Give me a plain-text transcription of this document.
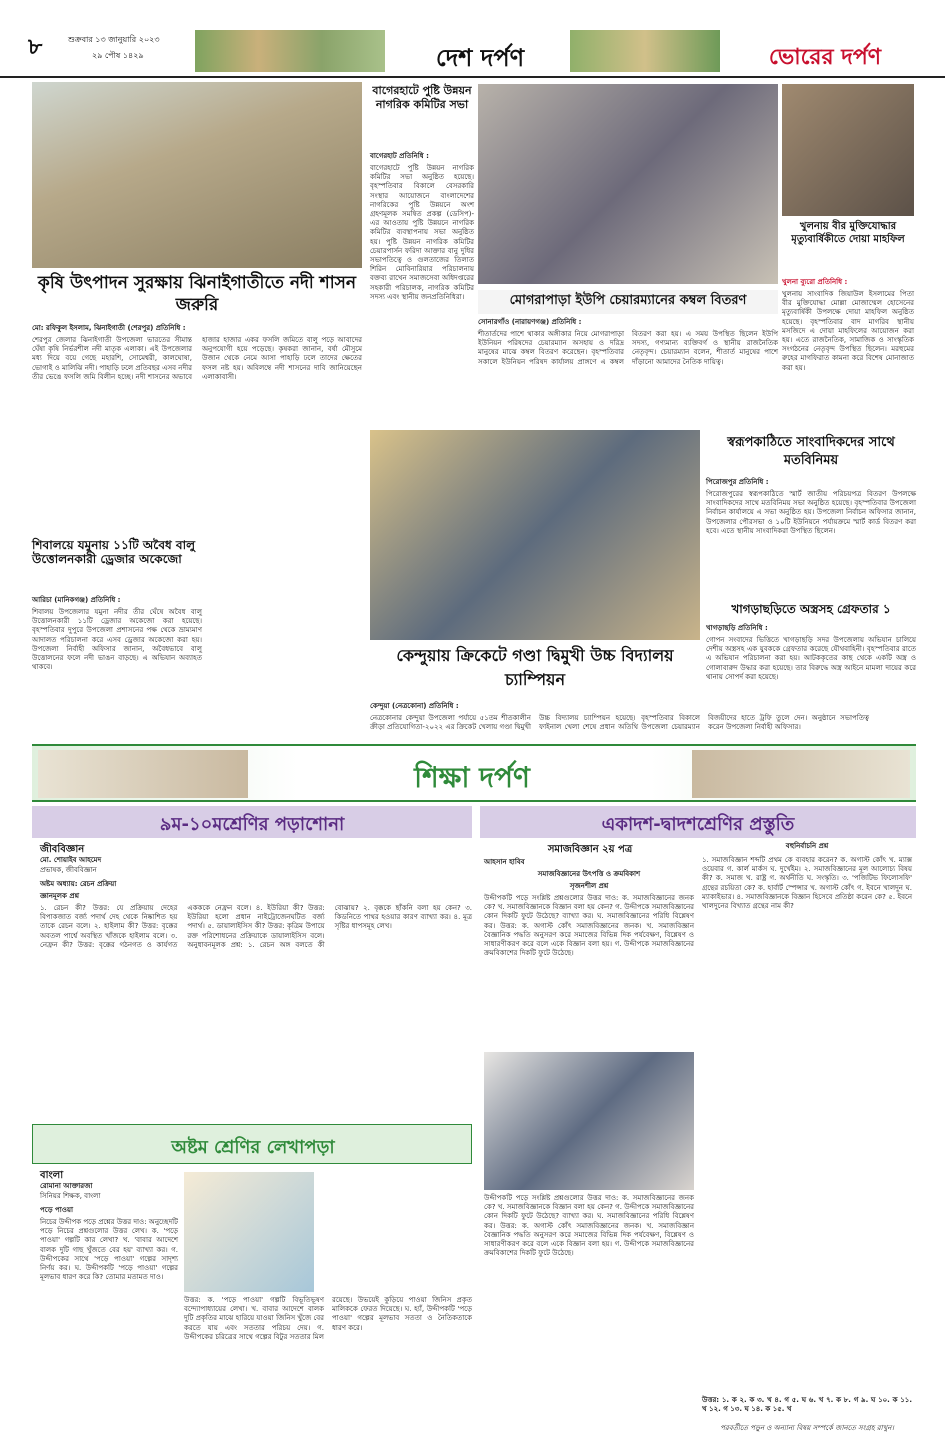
৮	শুক্রবার ১৩ জানুয়ারি ২০২৩
২৯ পৌষ ১৪২৯	দেশ দর্পণ	ভোরের দর্পণ
কৃষি উৎপাদন সুরক্ষায় ঝিনাইগাতীতে নদী শাসন জরুরি
মো: রফিকুল ইসলাম, ঝিনাইগাতী (শেরপুর) প্রতিনিধি :
শেরপুর জেলার ঝিনাইগাতী উপজেলা ভারতের সীমান্ত ঘেঁষা কৃষি নির্ভরশীল নদী মাতৃক এলাকা। এই উপজেলার মধ্য দিয়ে বয়ে গেছে মহারশি, সোমেশ্বরী, কালঘোষা, ভোগাই ও মালিঝি নদী। পাহাড়ি ঢলে প্রতিবছর এসব নদীর তীর ভেঙে ফসলি জমি বিলীন হচ্ছে। নদী শাসনের অভাবে হাজার হাজার একর ফসলি জমিতে বালু পড়ে আবাদের অনুপযোগী হয়ে পড়েছে। কৃষকরা জানান, বর্ষা মৌসুমে উজান থেকে নেমে আসা পাহাড়ি ঢলে তাদের ক্ষেতের ফসল নষ্ট হয়। অবিলম্বে নদী শাসনের দাবি জানিয়েছেন এলাকাবাসী।
শিবালয়ে যমুনায় ১১টি অবৈধ বালু উত্তোলনকারী ড্রেজার অকেজো
আরিচা (মানিকগঞ্জ) প্রতিনিধি :
শিবালয় উপজেলার যমুনা নদীর তীর ঘেঁষে অবৈধ বালু উত্তোলনকারী ১১টি ড্রেজার অকেজো করা হয়েছে। বৃহস্পতিবার দুপুরে উপজেলা প্রশাসনের পক্ষ থেকে ভ্রাম্যমাণ আদালত পরিচালনা করে এসব ড্রেজার অকেজো করা হয়। উপজেলা নির্বাহী অফিসার জানান, অবৈধভাবে বালু উত্তোলনের ফলে নদী ভাঙন বাড়ছে। এ অভিযান অব্যাহত থাকবে।
বাগেরহাটে পুষ্টি উন্নয়ন নাগরিক কমিটির সভা
বাগেরহাট প্রতিনিধি :
বাগেরহাটে পুষ্টি উন্নয়ন নাগরিক কমিটির সভা অনুষ্ঠিত হয়েছে। বৃহস্পতিবার বিকালে বেসরকারি সংস্থার আয়োজনে বাংলাদেশের নাগরিকের পুষ্টি উন্নয়নে অংশ গ্রহণমূলক সমন্বিত প্রকল্প (ডেসিপ)-এর আওতায় পুষ্টি উন্নয়নে নাগরিক কমিটির ব্যবস্থাপনায় সভা অনুষ্ঠিত হয়। পুষ্টি উন্নয়ন নাগরিক কমিটির চেয়ারপার্সন ফরিদা আক্তার বানু দুধির সভাপতিত্বে ও গুলতাজের তিলাত শিরিন মোবিনারিয়ার পরিচালনায় বক্তব্য রাখেন সমাজসেবা অধিদপ্তরের সহকারী পরিচালক, নাগরিক কমিটির সদস্য এবং স্থানীয় জনপ্রতিনিধিরা।	মোগরাপাড়া ইউপি চেয়ারম্যানের কম্বল বিতরণ
সোনারগাঁও (নারায়ণগঞ্জ) প্রতিনিধি :
শীতার্তদের পাশে থাকার অঙ্গীকার নিয়ে মোগরাপাড়া ইউনিয়ন পরিষদের চেয়ারম্যান অসহায় ও দরিদ্র মানুষের মাঝে কম্বল বিতরণ করেছেন। বৃহস্পতিবার সকালে ইউনিয়ন পরিষদ কার্যালয় প্রাঙ্গণে এ কম্বল বিতরণ করা হয়। এ সময় উপস্থিত ছিলেন ইউপি সদস্য, গণ্যমান্য ব্যক্তিবর্গ ও স্থানীয় রাজনৈতিক নেতৃবৃন্দ। চেয়ারম্যান বলেন, শীতার্ত মানুষের পাশে দাঁড়ানো আমাদের নৈতিক দায়িত্ব।
খুলনায় বীর মুক্তিযোদ্ধার মৃত্যুবার্ষিকীতে দোয়া মাহফিল
খুলনা ব্যুরো প্রতিনিধি :
খুলনায় সাংবাদিক জিয়াউল ইসলামের পিতা বীর মুক্তিযোদ্ধা মোল্লা মোজাম্মেল হোসেনের মৃত্যুবার্ষিকী উপলক্ষে দোয়া মাহফিল অনুষ্ঠিত হয়েছে। বৃহস্পতিবার বাদ মাগরিব স্থানীয় মসজিদে এ দোয়া মাহফিলের আয়োজন করা হয়। এতে রাজনৈতিক, সামাজিক ও সাংস্কৃতিক সংগঠনের নেতৃবৃন্দ উপস্থিত ছিলেন। মরহুমের রুহের মাগফিরাত কামনা করে বিশেষ মোনাজাত করা হয়।
কেন্দুয়ায় ক্রিকেটে গণ্ডা দ্বিমুখী উচ্চ বিদ্যালয় চ্যাম্পিয়ন
কেন্দুয়া (নেত্রকোনা) প্রতিনিধি :
নেত্রকোনার কেন্দুয়া উপজেলা পর্যায়ে ৫১তম শীতকালীন ক্রীড়া প্রতিযোগিতা-২০২২ এর ক্রিকেট খেলায় গণ্ডা দ্বিমুখী উচ্চ বিদ্যালয় চ্যাম্পিয়ন হয়েছে। বৃহস্পতিবার বিকালে ফাইনাল খেলা শেষে প্রধান অতিথি উপজেলা চেয়ারম্যান বিজয়ীদের হাতে ট্রফি তুলে দেন। অনুষ্ঠানে সভাপতিত্ব করেন উপজেলা নির্বাহী অফিসার।
স্বরূপকাঠিতে সাংবাদিকদের সাথে মতবিনিময়
পিরোজপুর প্রতিনিধি :
পিরোজপুরের স্বরূপকাঠিতে স্মার্ট জাতীয় পরিচয়পত্র বিতরণ উপলক্ষে সাংবাদিকদের সাথে মতবিনিময় সভা অনুষ্ঠিত হয়েছে। বৃহস্পতিবার উপজেলা নির্বাচন কার্যালয়ে এ সভা অনুষ্ঠিত হয়। উপজেলা নির্বাচন অফিসার জানান, উপজেলার পৌরসভা ও ১০টি ইউনিয়নে পর্যায়ক্রমে স্মার্ট কার্ড বিতরণ করা হবে। এতে স্থানীয় সাংবাদিকরা উপস্থিত ছিলেন।
খাগড়াছড়িতে অস্ত্রসহ গ্রেফতার ১
খাগড়াছড়ি প্রতিনিধি :
গোপন সংবাদের ভিত্তিতে খাগড়াছড়ি সদর উপজেলায় অভিযান চালিয়ে দেশীয় অস্ত্রসহ এক যুবককে গ্রেফতার করেছে যৌথবাহিনী। বৃহস্পতিবার রাতে এ অভিযান পরিচালনা করা হয়। আটককৃতের কাছ থেকে একটি অস্ত্র ও গোলাবারুদ উদ্ধার করা হয়েছে। তার বিরুদ্ধে অস্ত্র আইনে মামলা দায়ের করে থানায় সোপর্দ করা হয়েছে।
শিক্ষা দর্পণ
৯ম-১০মশ্রেণির পড়াশোনা
জীববিজ্ঞান
মো. শোয়াইব আহমেদ
প্রভাষক, জীববিজ্ঞান
অষ্টম অধ্যায়: রেচন প্রক্রিয়া
জ্ঞানমূলক প্রশ্ন
১. রেচন কী? উত্তর: যে প্রক্রিয়ায় দেহের বিপাকজাত বর্জ্য পদার্থ দেহ থেকে নিষ্কাশিত হয় তাকে রেচন বলে। ২. হাইলাম কী? উত্তর: বৃক্কের অবতল পার্শ্বে অবস্থিত খাঁজকে হাইলাম বলে। ৩. নেফ্রন কী? উত্তর: বৃক্কের গঠনগত ও কার্যগত একককে নেফ্রন বলে। ৪. ইউরিয়া কী? উত্তর: ইউরিয়া হলো প্রধান নাইট্রোজেনঘটিত বর্জ্য পদার্থ। ৫. ডায়ালাইসিস কী? উত্তর: কৃত্রিম উপায়ে রক্ত পরিশোধনের প্রক্রিয়াকে ডায়ালাইসিস বলে। অনুধাবনমূলক প্রশ্ন: ১. রেচন অঙ্গ বলতে কী বোঝায়? ২. বৃক্ককে ছাঁকনি বলা হয় কেন? ৩. কিডনিতে পাথর হওয়ার কারণ ব্যাখ্যা কর। ৪. মূত্র সৃষ্টির ধাপসমূহ লেখ।
অষ্টম শ্রেণির লেখাপড়া
বাংলা
রোমানা আক্তারজা
সিনিয়র শিক্ষক, বাংলা
পড়ে পাওয়া
নিচের উদ্দীপক পড়ে প্রশ্নের উত্তর দাও: অনুচ্ছেদটি পড়ে নিচের প্রশ্নগুলোর উত্তর লেখ। ক. 'পড়ে পাওয়া' গল্পটি কার লেখা? খ. 'বাবার আদেশে বালক দুটি গাছ খুঁজতে বের হয়' ব্যাখ্যা কর। গ. উদ্দীপকের সাথে 'পড়ে পাওয়া' গল্পের সাদৃশ্য নির্ণয় কর। ঘ. উদ্দীপকটি 'পড়ে পাওয়া' গল্পের মূলভাব ধারণ করে কি? তোমার মতামত দাও।
উত্তর: ক. 'পড়ে পাওয়া' গল্পটি বিভূতিভূষণ বন্দ্যোপাধ্যায়ের লেখা। খ. বাবার আদেশে বালক দুটি প্রকৃতির মাঝে হারিয়ে যাওয়া জিনিস খুঁজে বের করতে যায় এবং সততার পরিচয় দেয়। গ. উদ্দীপকের চরিত্রের সাথে গল্পের বিটুর সততার মিল রয়েছে। উভয়েই কুড়িয়ে পাওয়া জিনিস প্রকৃত মালিককে ফেরত দিয়েছে। ঘ. হ্যাঁ, উদ্দীপকটি 'পড়ে পাওয়া' গল্পের মূলভাব সততা ও নৈতিকতাকে ধারণ করে।
একাদশ-দ্বাদশশ্রেণির প্রস্তুতি
সমাজবিজ্ঞান ২য় পত্র
আহসান হাবিব
সমাজবিজ্ঞানের উৎপত্তি ও ক্রমবিকাশ
সৃজনশীল প্রশ্ন
উদ্দীপকটি পড়ে সংশ্লিষ্ট প্রশ্নগুলোর উত্তর দাও: ক. সমাজবিজ্ঞানের জনক কে? খ. সমাজবিজ্ঞানকে বিজ্ঞান বলা হয় কেন? গ. উদ্দীপকে সমাজবিজ্ঞানের কোন দিকটি ফুটে উঠেছে? ব্যাখ্যা কর। ঘ. সমাজবিজ্ঞানের পরিধি বিশ্লেষণ কর। উত্তর: ক. অগাস্ট কোঁৎ সমাজবিজ্ঞানের জনক। খ. সমাজবিজ্ঞান বৈজ্ঞানিক পদ্ধতি অনুসরণ করে সমাজের বিভিন্ন দিক পর্যবেক্ষণ, বিশ্লেষণ ও সাধারণীকরণ করে বলে একে বিজ্ঞান বলা হয়। গ. উদ্দীপকে সমাজবিজ্ঞানের ক্রমবিকাশের দিকটি ফুটে উঠেছে।
উদ্দীপকটি পড়ে সংশ্লিষ্ট প্রশ্নগুলোর উত্তর দাও: ক. সমাজবিজ্ঞানের জনক কে? খ. সমাজবিজ্ঞানকে বিজ্ঞান বলা হয় কেন? গ. উদ্দীপকে সমাজবিজ্ঞানের কোন দিকটি ফুটে উঠেছে? ব্যাখ্যা কর। ঘ. সমাজবিজ্ঞানের পরিধি বিশ্লেষণ কর। উত্তর: ক. অগাস্ট কোঁৎ সমাজবিজ্ঞানের জনক। খ. সমাজবিজ্ঞান বৈজ্ঞানিক পদ্ধতি অনুসরণ করে সমাজের বিভিন্ন দিক পর্যবেক্ষণ, বিশ্লেষণ ও সাধারণীকরণ করে বলে একে বিজ্ঞান বলা হয়। গ. উদ্দীপকে সমাজবিজ্ঞানের ক্রমবিকাশের দিকটি ফুটে উঠেছে।
বহুনির্বাচনি প্রশ্ন
১. সমাজবিজ্ঞান শব্দটি প্রথম কে ব্যবহার করেন? ক. অগাস্ট কোঁৎ খ. ম্যাক্স ওয়েবার গ. কার্ল মার্কস ঘ. দুর্খেইম। ২. সমাজবিজ্ঞানের মূল আলোচ্য বিষয় কী? ক. সমাজ খ. রাষ্ট্র গ. অর্থনীতি ঘ. সংস্কৃতি। ৩. 'পজিটিভ ফিলোসফি' গ্রন্থের রচয়িতা কে? ক. হার্বার্ট স্পেন্সার খ. অগাস্ট কোঁৎ গ. ইবনে খালদুন ঘ. ম্যাকাইভার। ৪. সমাজবিজ্ঞানকে বিজ্ঞান হিসেবে প্রতিষ্ঠা করেন কে? ৫. ইবনে খালদুনের বিখ্যাত গ্রন্থের নাম কী?
উত্তর: ১. ক ২. ক ৩. খ ৪. গ ৫. ঘ ৬. খ ৭. ক ৮. গ ৯. ঘ ১০. ক ১১. খ ১২. গ ১৩. ঘ ১৪. ক ১৫. খ
পরবর্তীতে পড়ুন ও অন্যান্য বিষয় সম্পর্কে জানতে সংগ্রহ রাখুন।
